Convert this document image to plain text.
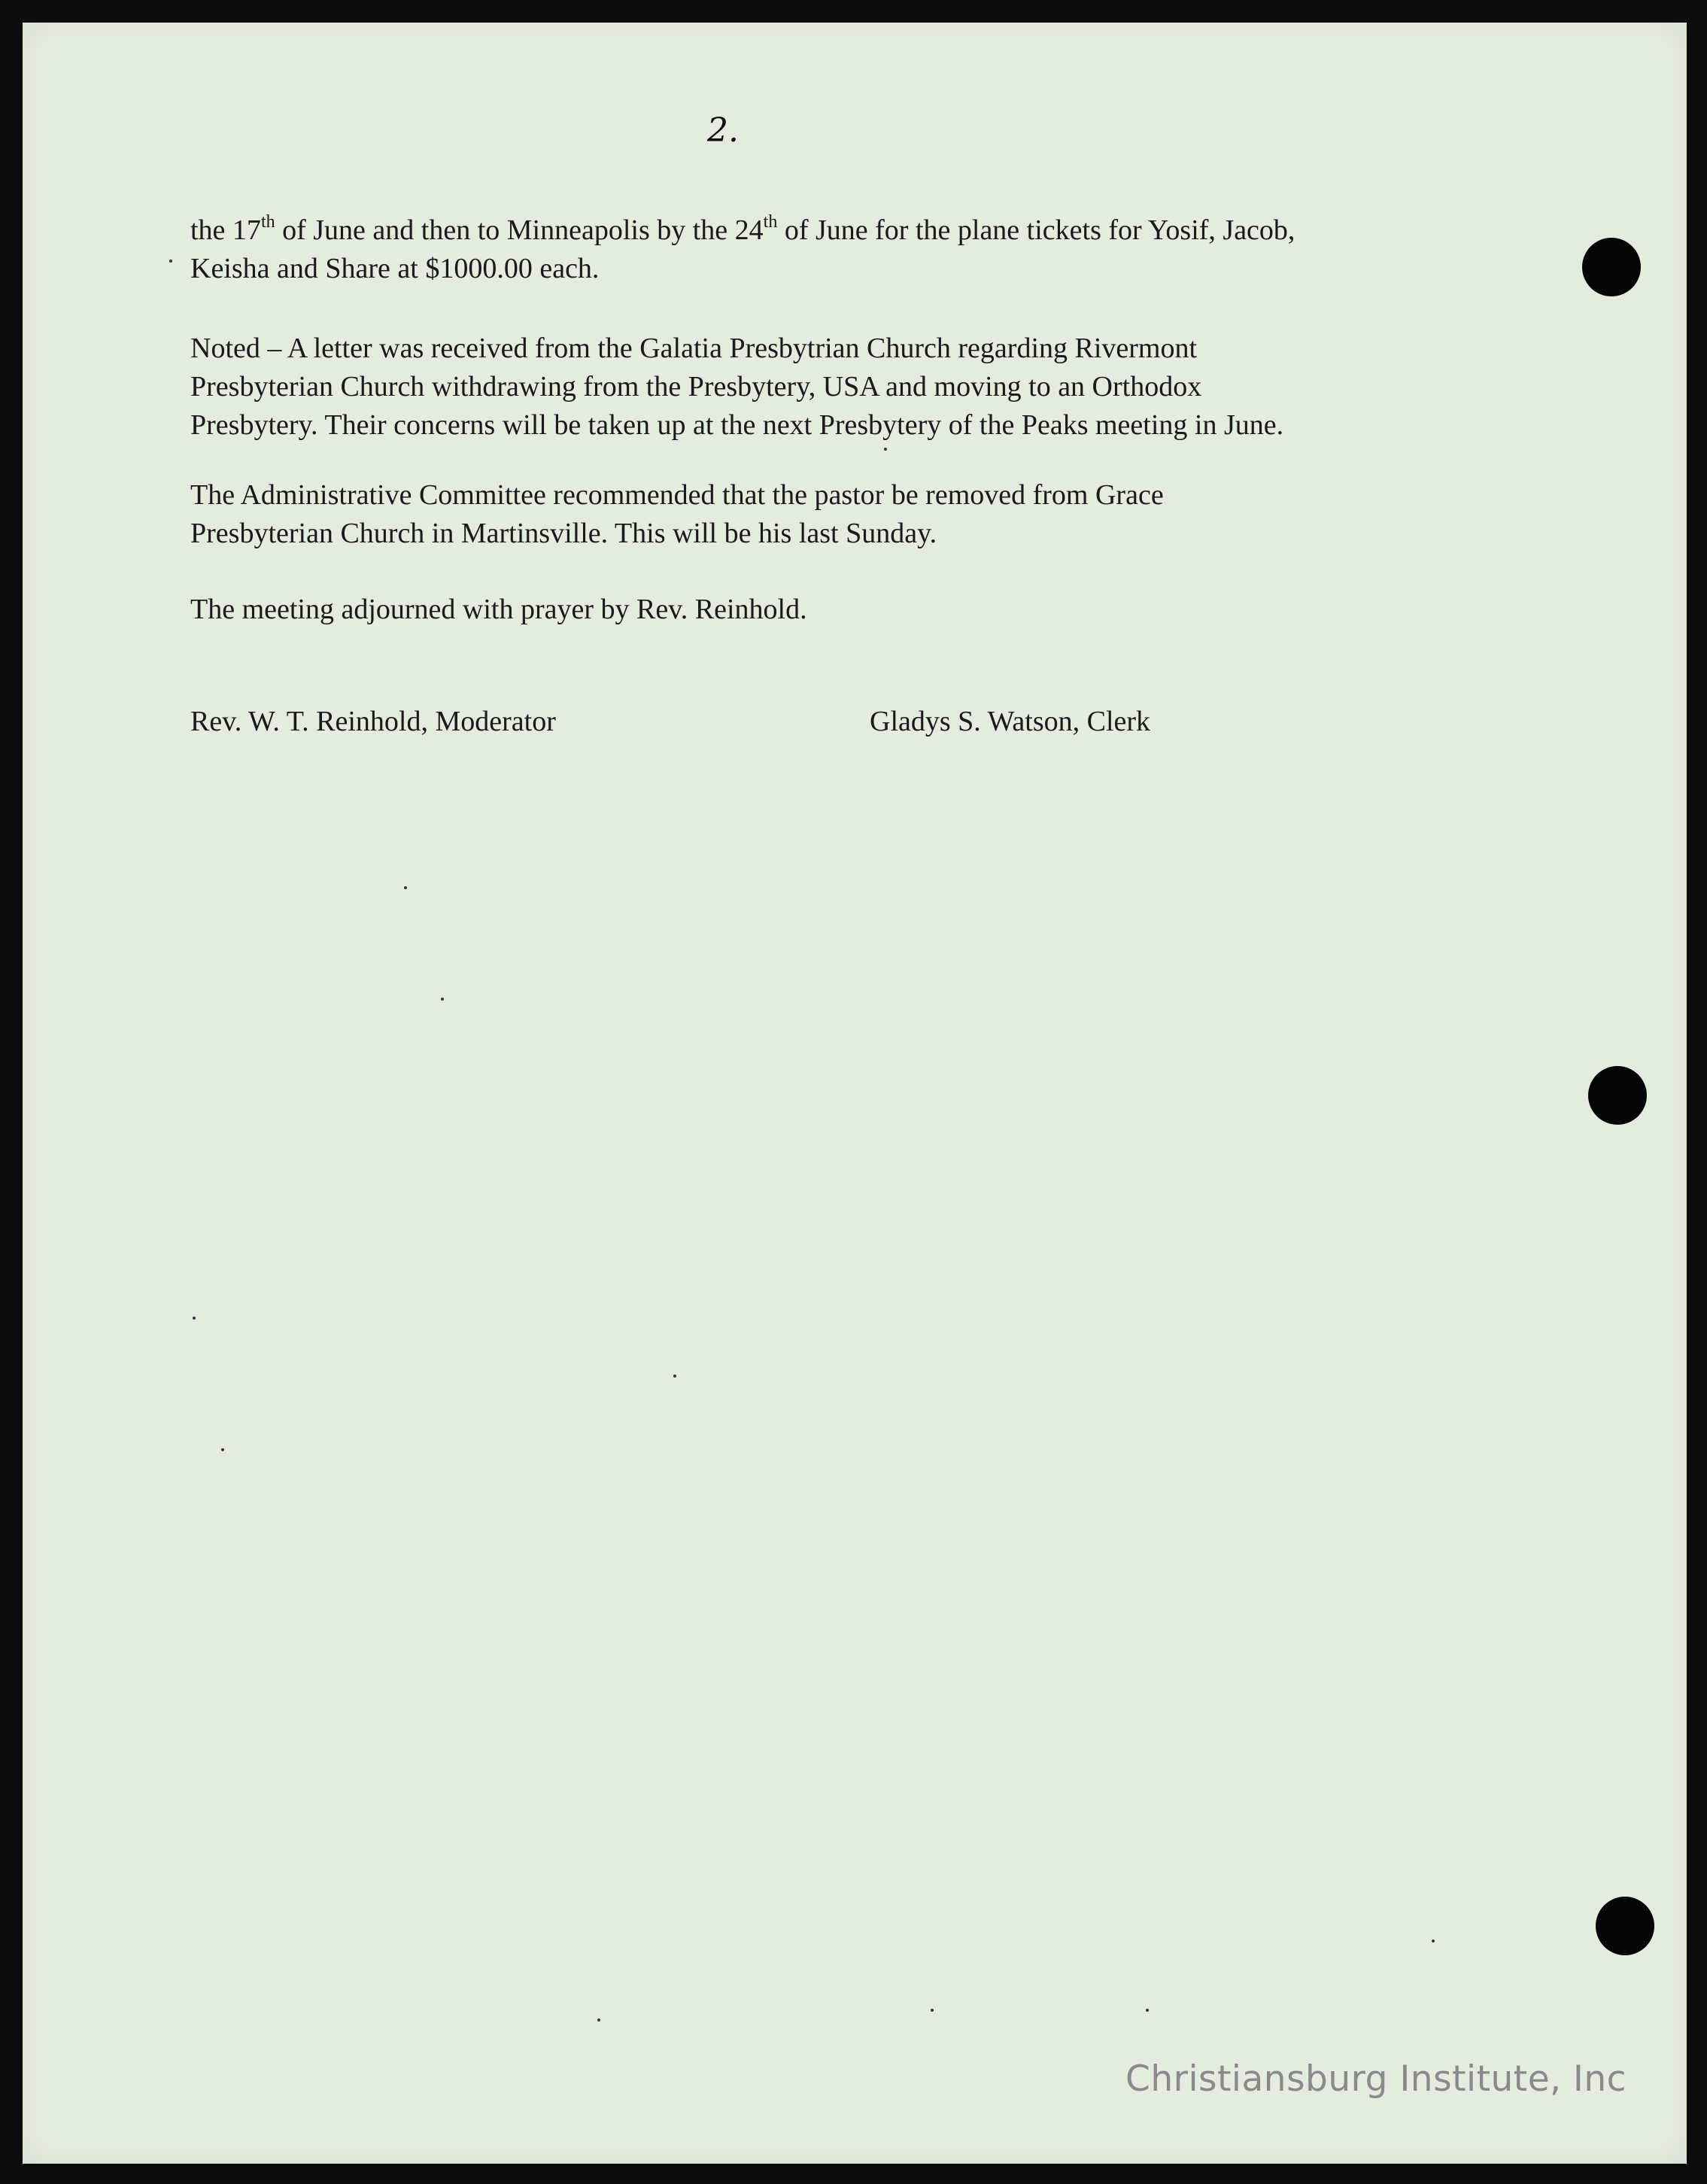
2.

the 17th of June and then to Minneapolis by the 24th of June for the plane tickets for Yosif, Jacob,

Keisha and Share at $1000.00 each.

Noted – A letter was received from the Galatia Presbytrian Church regarding Rivermont

Presbyterian Church withdrawing from the Presbytery, USA and moving to an Orthodox

Presbytery. Their concerns will be taken up at the next Presbytery of the Peaks meeting in June.

The Administrative Committee recommended that the pastor be removed from Grace

Presbyterian Church in Martinsville. This will be his last Sunday.

The meeting adjourned with prayer by Rev. Reinhold.

Rev. W. T. Reinhold, Moderator	Gladys S. Watson, Clerk
Christiansburg Institute, Inc
